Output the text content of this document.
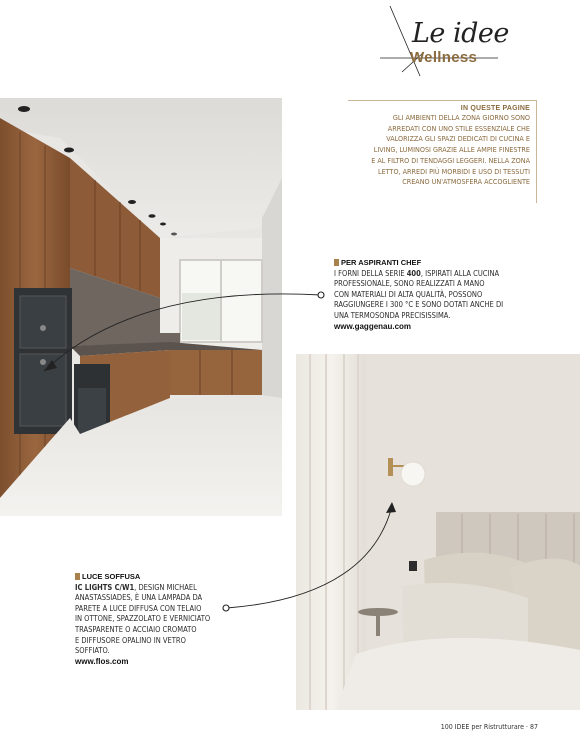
Le idee
Wellness
IN QUESTE PAGINE
GLI AMBIENTI DELLA ZONA GIORNO SONO
ARREDATI CON UNO STILE ESSENZIALE CHE
VALORIZZA GLI SPAZI DEDICATI DI CUCINA E
LIVING, LUMINOSI GRAZIE ALLE AMPIE FINESTRE
E AL FILTRO DI TENDAGGI LEGGERI. NELLA ZONA
LETTO, ARREDI PIÙ MORBIDI E USO DI TESSUTI
CREANO UN'ATMOSFERA ACCOGLIENTE
PER ASPIRANTI CHEF
I FORNI DELLA SERIE 400, ISPIRATI ALLA CUCINA
PROFESSIONALE, SONO REALIZZATI A MANO
CON MATERIALI DI ALTA QUALITÀ, POSSONO
RAGGIUNGERE I 300 °C E SONO DOTATI ANCHE DI
UNA TERMOSONDA PRECISISSIMA.
www.gaggenau.com
LUCE SOFFUSA
IC LIGHTS C/W1, DESIGN MICHAEL
ANASTASSIADES, È UNA LAMPADA DA
PARETE A LUCE DIFFUSA CON TELAIO
IN OTTONE, SPAZZOLATO E VERNICIATO
TRASPARENTE O ACCIAIO CROMATO
E DIFFUSORE OPALINO IN VETRO
SOFFIATO.
www.flos.com
100 IDEE per Ristrutturare · 87
